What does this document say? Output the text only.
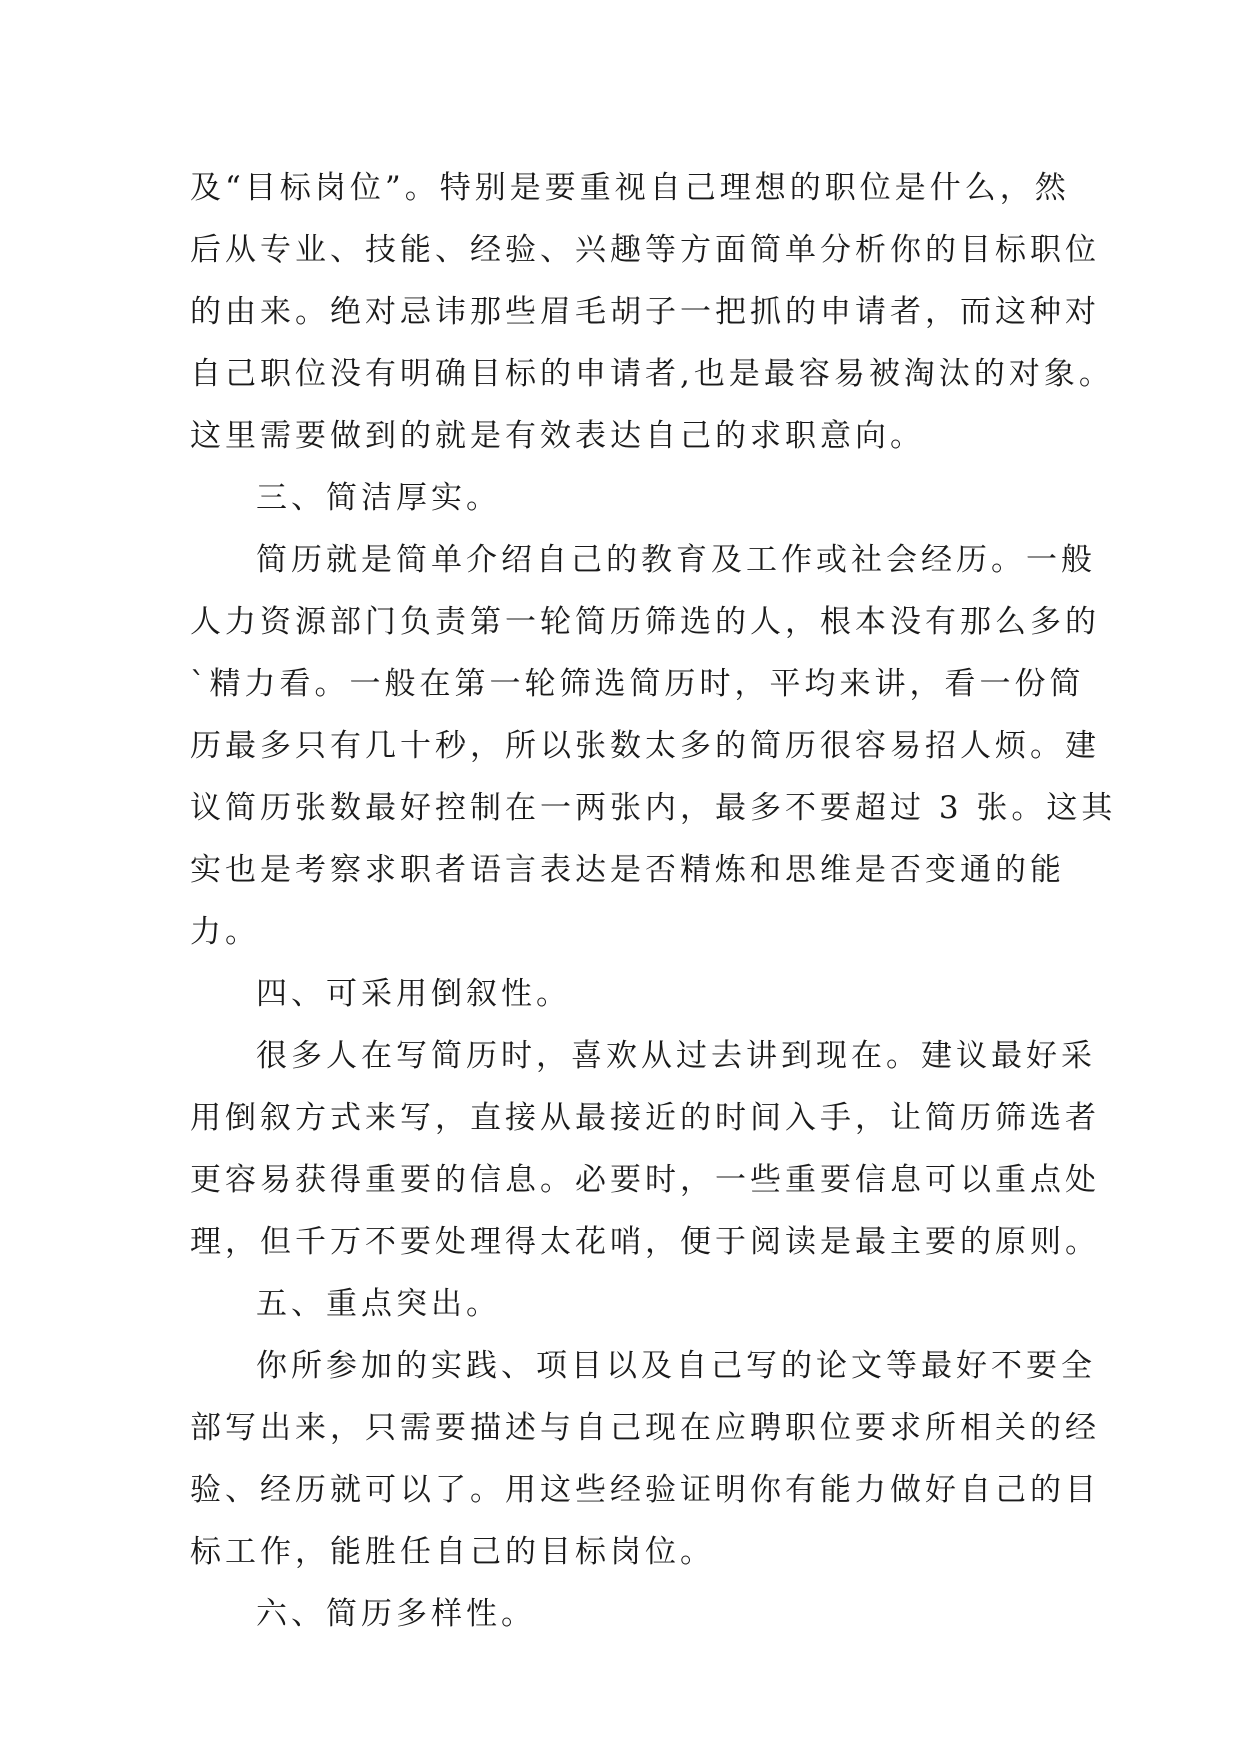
及“目标岗位”。特别是要重视自己理想的职位是什么，然
后从专业、技能、经验、兴趣等方面简单分析你的目标职位
的由来。绝对忌讳那些眉毛胡子一把抓的申请者，而这种对
自己职位没有明确目标的申请者,也是最容易被淘汰的对象。
这里需要做到的就是有效表达自己的求职意向。
三、简洁厚实。
简历就是简单介绍自己的教育及工作或社会经历。一般
人力资源部门负责第一轮简历筛选的人，根本没有那么多的
`精力看。一般在第一轮筛选简历时，平均来讲，看一份简
历最多只有几十秒，所以张数太多的简历很容易招人烦。建
议简历张数最好控制在一两张内，最多不要超过 3 张。这其
实也是考察求职者语言表达是否精炼和思维是否变通的能
力。
四、可采用倒叙性。
很多人在写简历时，喜欢从过去讲到现在。建议最好采
用倒叙方式来写，直接从最接近的时间入手，让简历筛选者
更容易获得重要的信息。必要时，一些重要信息可以重点处
理，但千万不要处理得太花哨，便于阅读是最主要的原则。
五、重点突出。
你所参加的实践、项目以及自己写的论文等最好不要全
部写出来，只需要描述与自己现在应聘职位要求所相关的经
验、经历就可以了。用这些经验证明你有能力做好自己的目
标工作，能胜任自己的目标岗位。
六、简历多样性。
